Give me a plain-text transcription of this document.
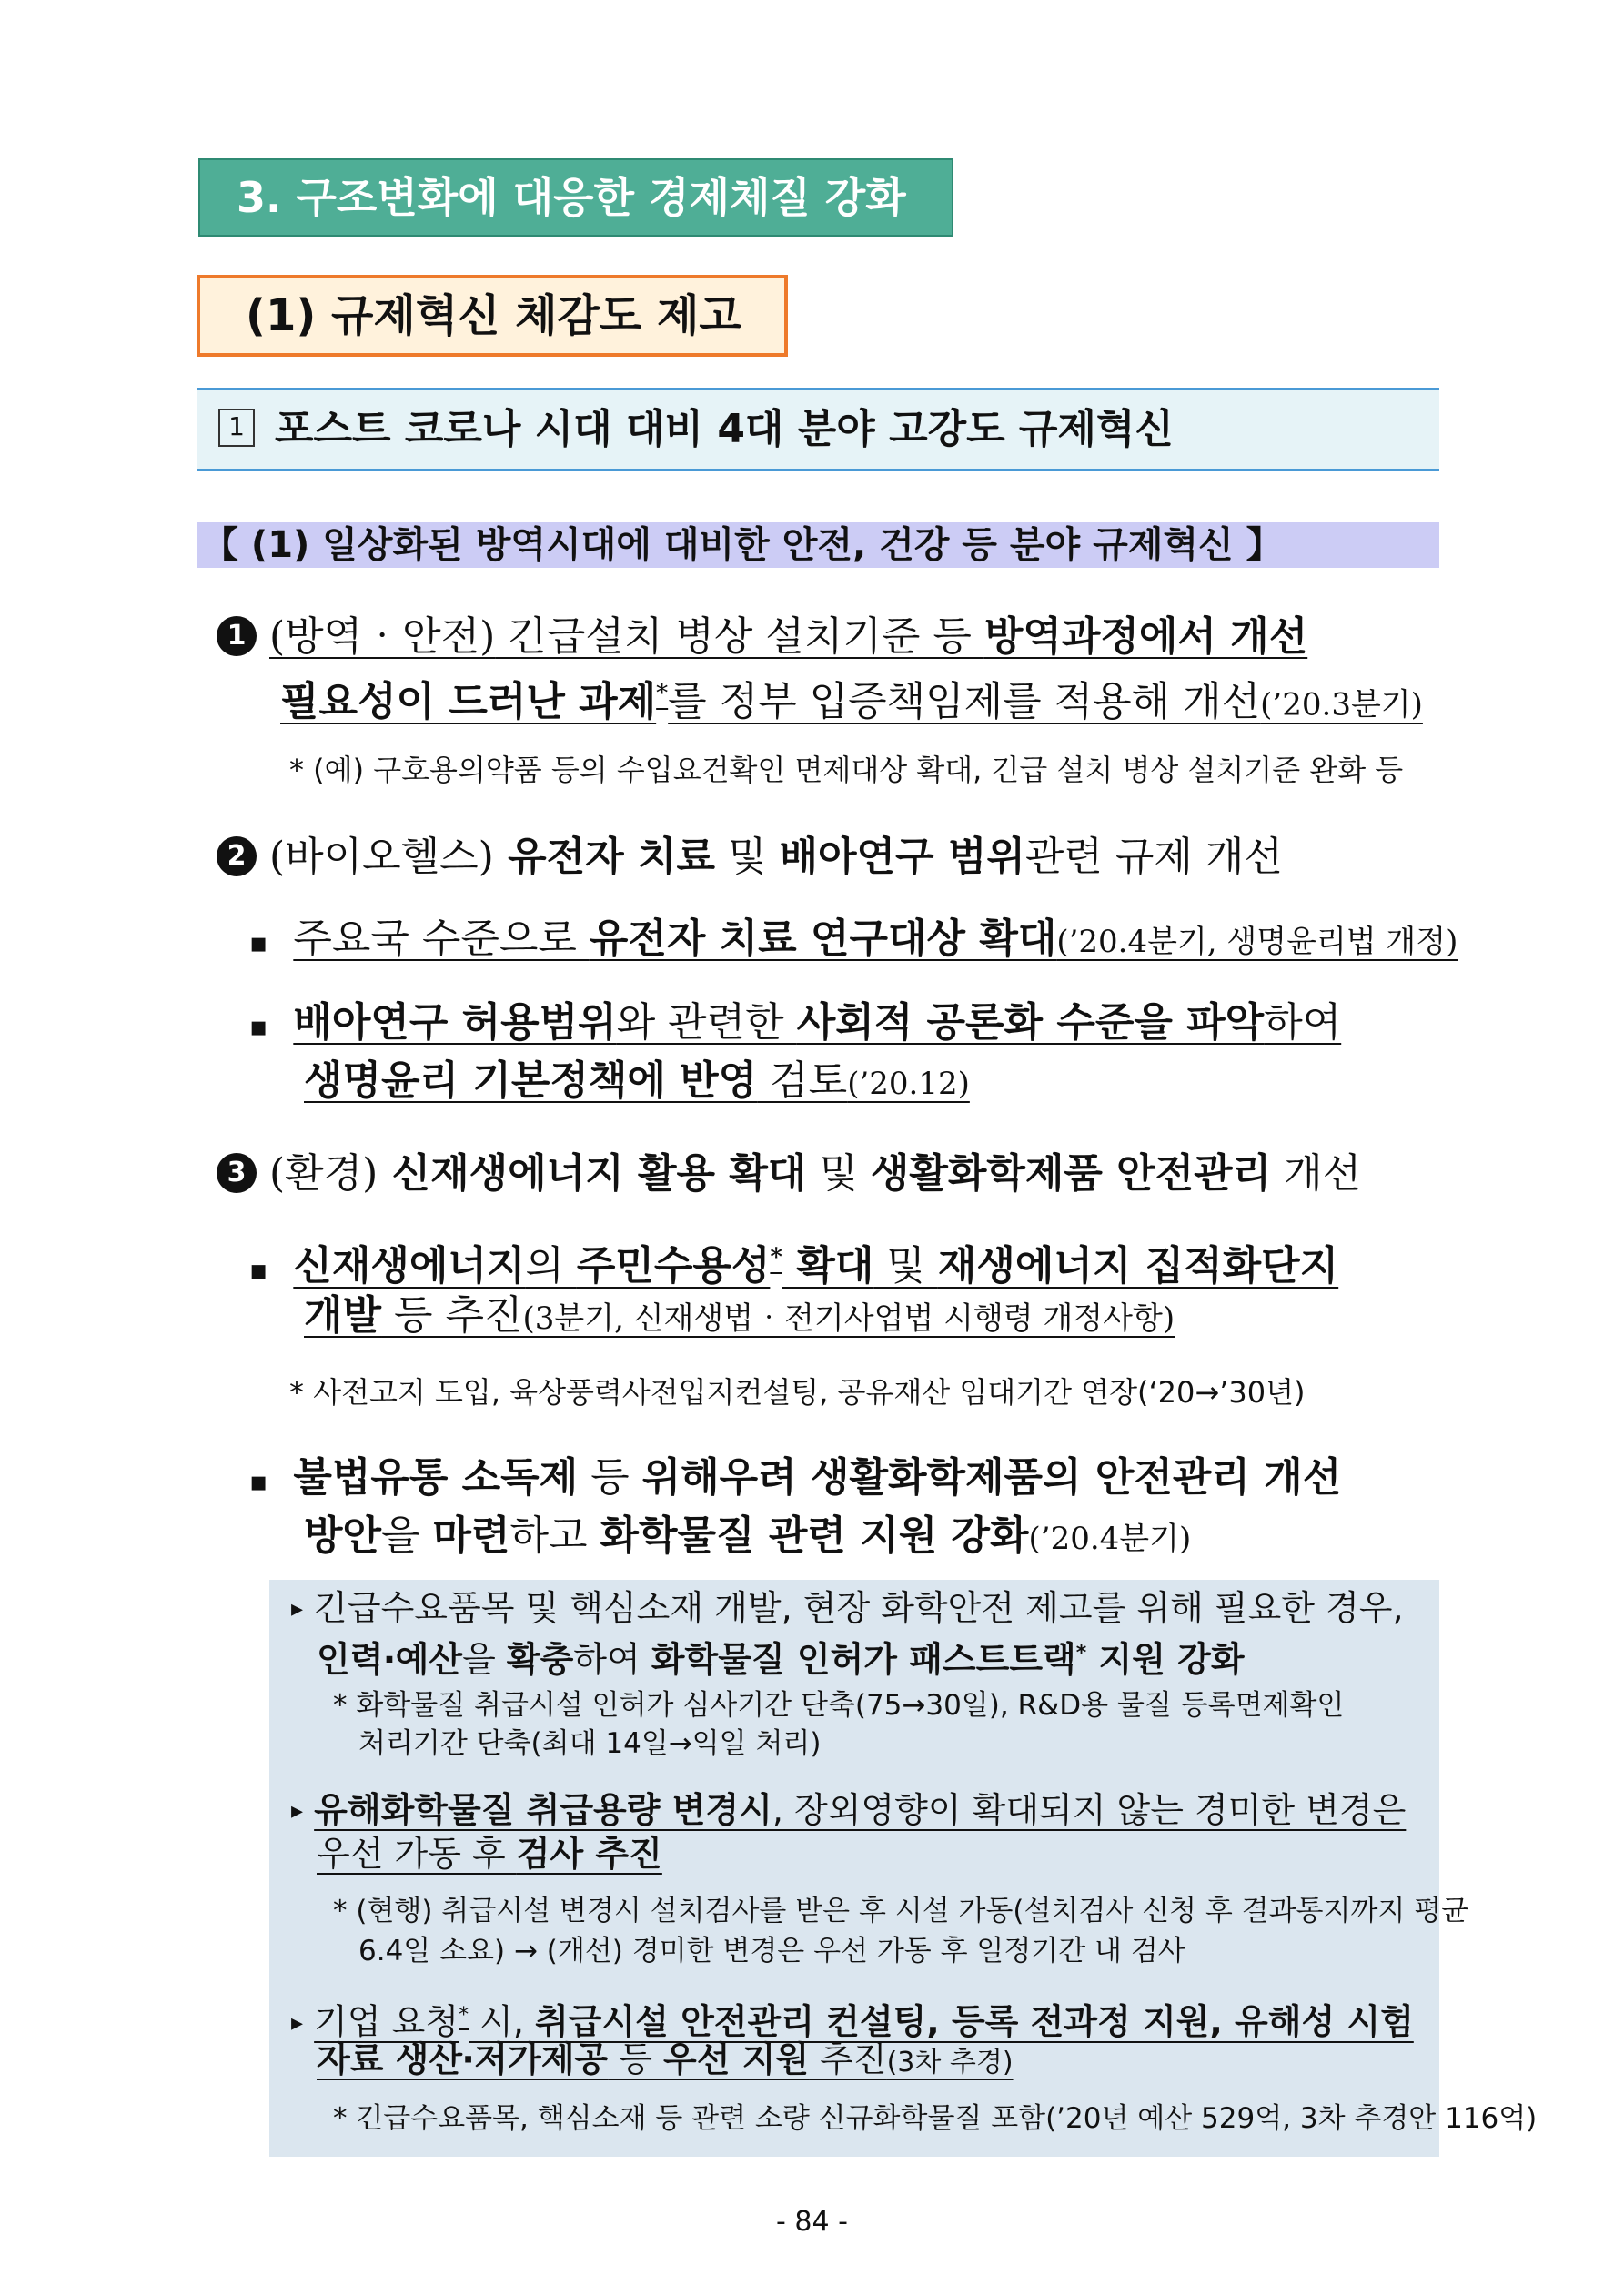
3. 구조변화에 대응한 경제체질 강화
(1) 규제혁신 체감도 제고
1 포스트 코로나 시대 대비 4대 분야 고강도 규제혁신
【 (1) 일상화된 방역시대에 대비한 안전, 건강 등 분야 규제혁신 】
1 (방역‧안전) 긴급설치 병상 설치기준 등 방역과정에서 개선
필요성이 드러난 과제*를 정부 입증책임제를 적용해 개선(’20.3분기)
* (예) 구호용의약품 등의 수입요건확인 면제대상 확대, 긴급 설치 병상 설치기준 완화 등
2 (바이오헬스) 유전자 치료 및 배아연구 범위관련 규제 개선
▪ 주요국 수준으로 유전자 치료 연구대상 확대(’20.4분기, 생명윤리법 개정)
▪ 배아연구 허용범위와 관련한 사회적 공론화 수준을 파악하여
생명윤리 기본정책에 반영 검토(’20.12)
3 (환경) 신재생에너지 활용 확대 및 생활화학제품 안전관리 개선
▪ 신재생에너지의 주민수용성* 확대 및 재생에너지 집적화단지
개발 등 추진(3분기, 신재생법‧전기사업법 시행령 개정사항)
* 사전고지 도입, 육상풍력사전입지컨설팅, 공유재산 임대기간 연장(‘20→’30년)
▪ 불법유통 소독제 등 위해우려 생활화학제품의 안전관리 개선
방안을 마련하고 화학물질 관련 지원 강화(’20.4분기)
▸ 긴급수요품목 및 핵심소재 개발, 현장 화학안전 제고를 위해 필요한 경우,
인력‧예산을 확충하여 화학물질 인허가 패스트트랙* 지원 강화
* 화학물질 취급시설 인허가 심사기간 단축(75→30일), R&D용 물질 등록면제확인
처리기간 단축(최대 14일→익일 처리)
▸ 유해화학물질 취급용량 변경시, 장외영향이 확대되지 않는 경미한 변경은
우선 가동 후 검사 추진
* (현행) 취급시설 변경시 설치검사를 받은 후 시설 가동(설치검사 신청 후 결과통지까지 평균
6.4일 소요) → (개선) 경미한 변경은 우선 가동 후 일정기간 내 검사
▸ 기업 요청* 시, 취급시설 안전관리 컨설팅, 등록 전과정 지원, 유해성 시험
자료 생산‧저가제공 등 우선 지원 추진(3차 추경)
* 긴급수요품목, 핵심소재 등 관련 소량 신규화학물질 포함(’20년 예산 529억, 3차 추경안 116억)
- 84 -
